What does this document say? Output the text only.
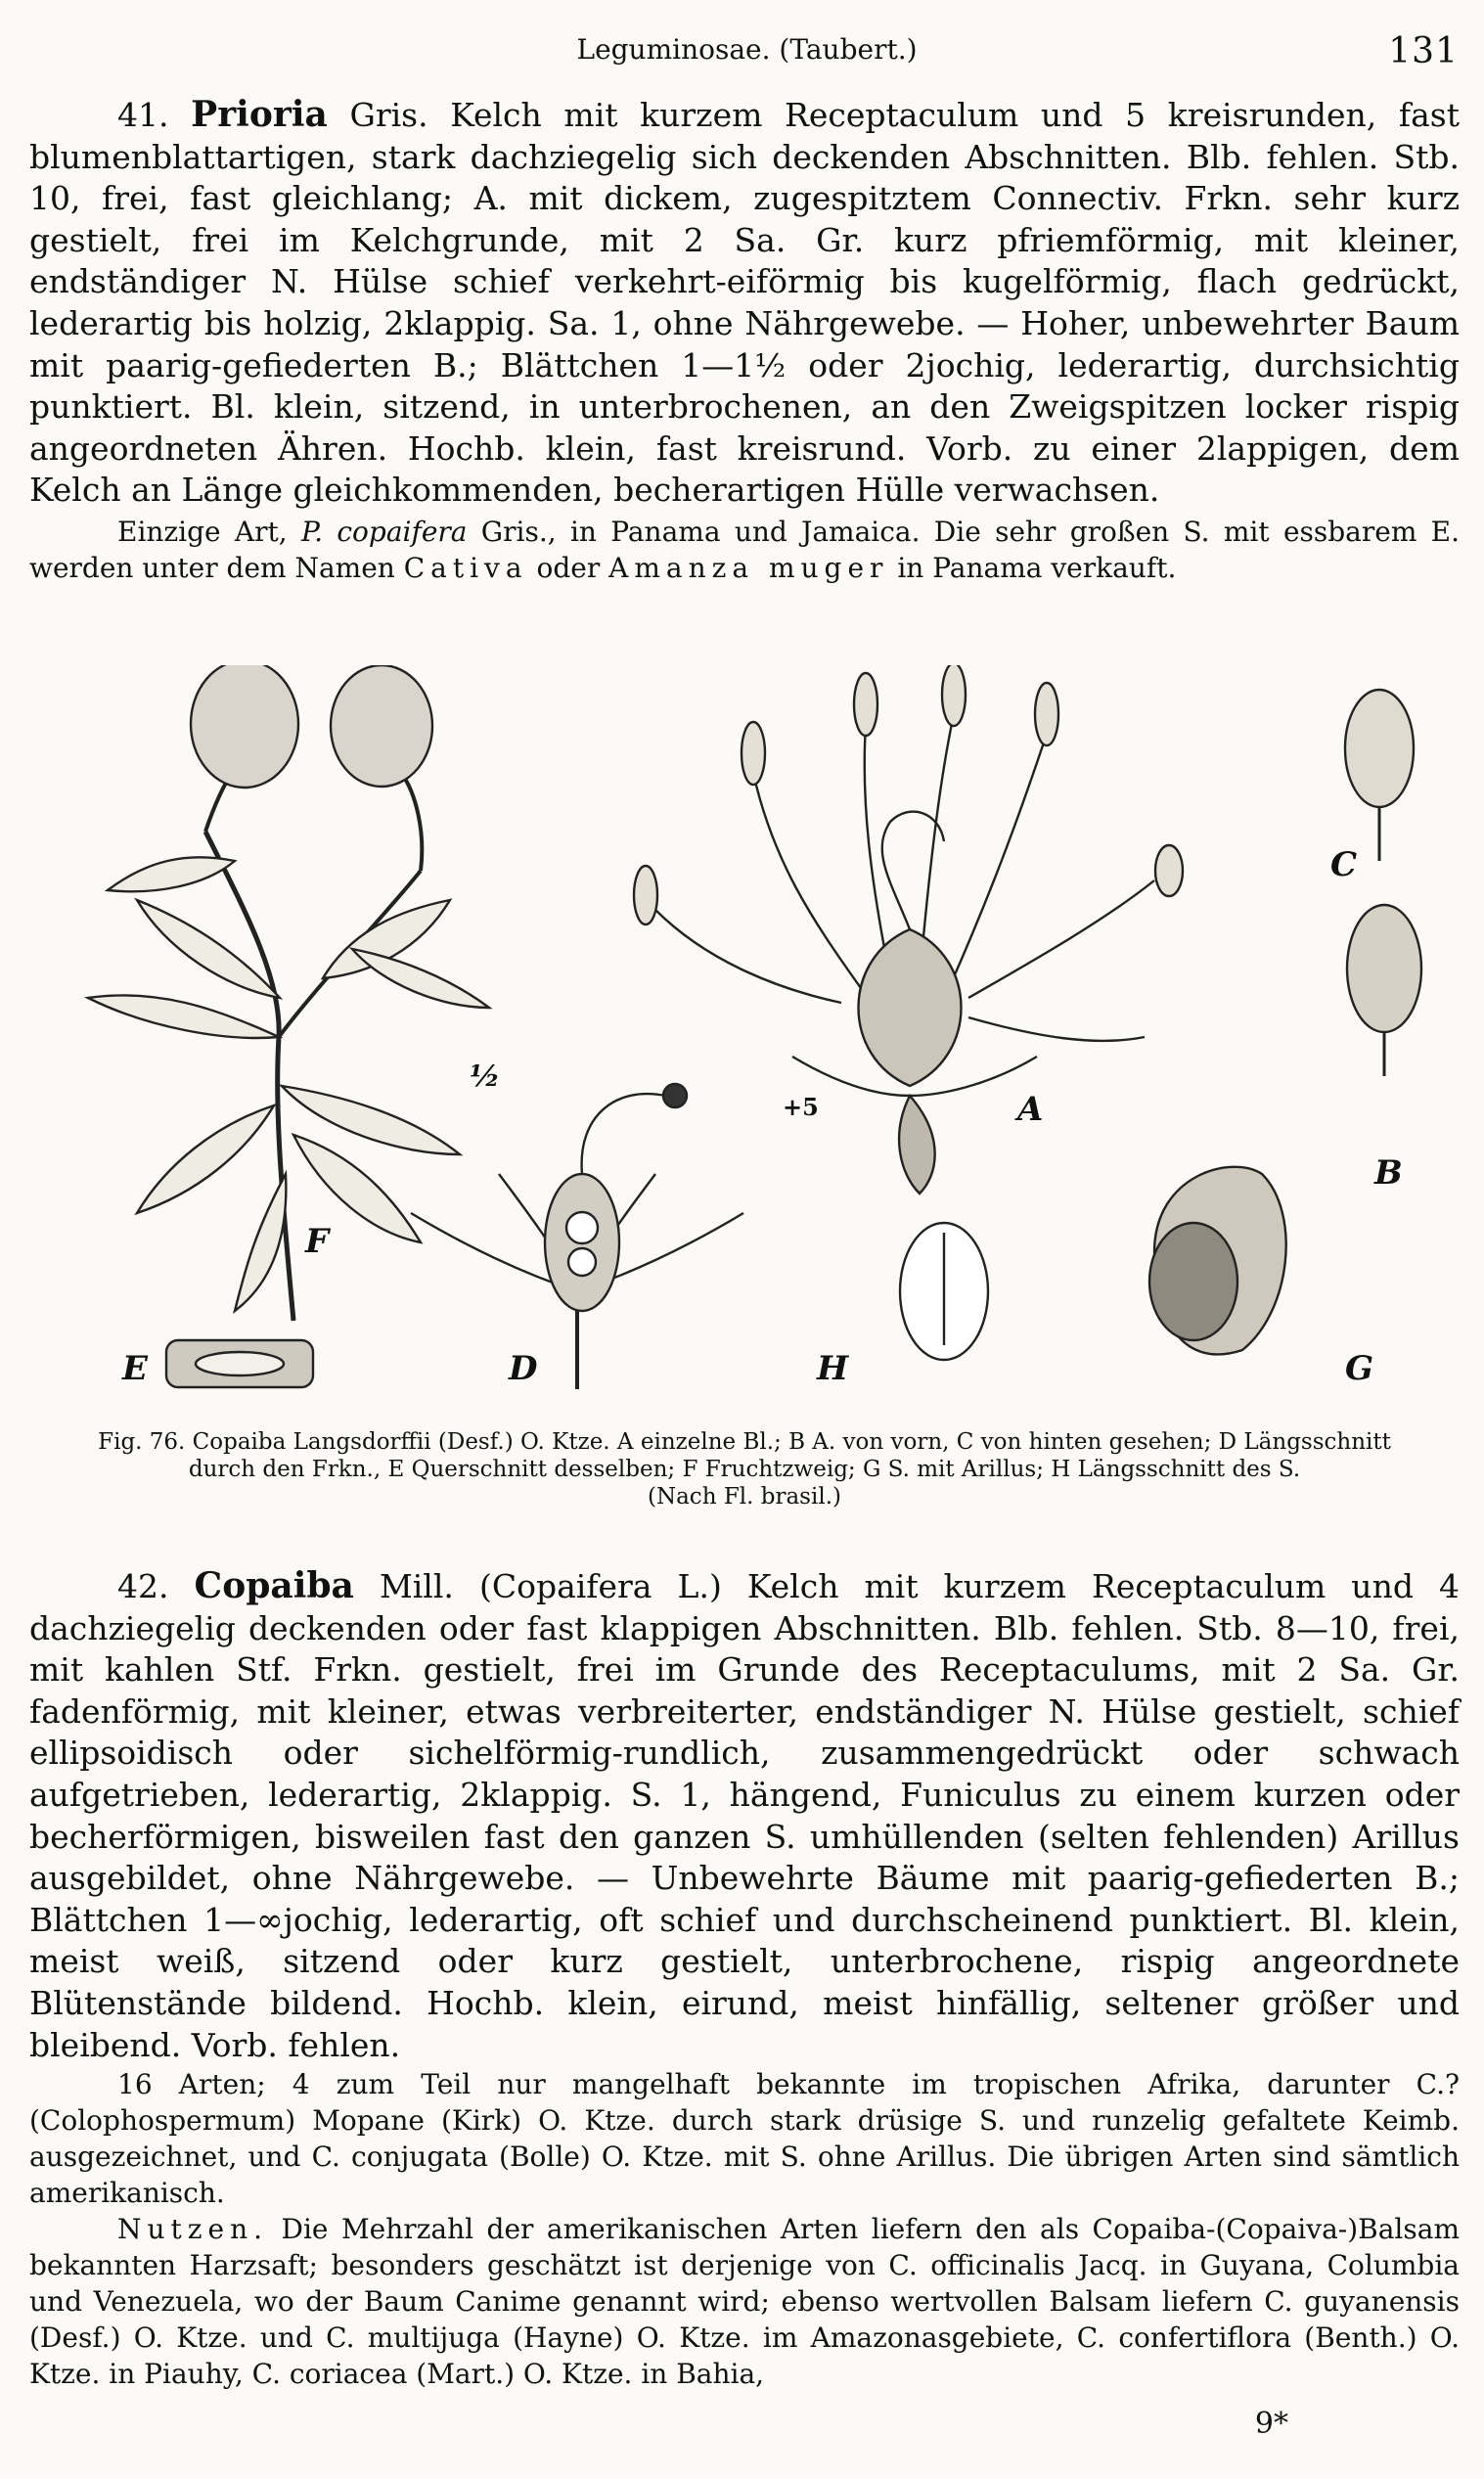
Leguminosae. (Taubert.)	131

41. Prioria Gris. Kelch mit kurzem Receptaculum und 5 kreisrunden, fast blumenblattartigen, stark dachziegelig sich deckenden Abschnitten. Blb. fehlen. Stb. 10, frei, fast gleichlang; A. mit dickem, zugespitztem Connectiv. Frkn. sehr kurz gestielt, frei im Kelchgrunde, mit 2 Sa. Gr. kurz pfriemförmig, mit kleiner, endständiger N. Hülse schief verkehrt-eiförmig bis kugelförmig, flach gedrückt, lederartig bis holzig, 2klappig. Sa. 1, ohne Nährgewebe. — Hoher, unbewehrter Baum mit paarig-gefiederten B.; Blättchen 1—1½ oder 2jochig, lederartig, durchsichtig punktiert. Bl. klein, sitzend, in unterbrochenen, an den Zweigspitzen locker rispig angeordneten Ähren. Hochb. klein, fast kreisrund. Vorb. zu einer 2lappigen, dem Kelch an Länge gleichkommenden, becherartigen Hülle verwachsen.

Einzige Art, P. copaifera Gris., in Panama und Jamaica. Die sehr großen S. mit essbarem E. werden unter dem Namen Cativa oder Amanza muger in Panama verkauft.

A
B
C
D
E
F
G
H
½
+5
Fig. 76. Copaiba Langsdorffii (Desf.) O. Ktze. A einzelne Bl.; B A. von vorn, C von hinten gesehen; D Längsschnitt
durch den Frkn., E Querschnitt desselben; F Fruchtzweig; G S. mit Arillus; H Längsschnitt des S.
(Nach Fl. brasil.)

42. Copaiba Mill. (Copaifera L.) Kelch mit kurzem Receptaculum und 4 dachziegelig deckenden oder fast klappigen Abschnitten. Blb. fehlen. Stb. 8—10, frei, mit kahlen Stf. Frkn. gestielt, frei im Grunde des Receptaculums, mit 2 Sa. Gr. fadenförmig, mit kleiner, etwas verbreiterter, endständiger N. Hülse gestielt, schief ellipsoidisch oder sichelförmig-rundlich, zusammengedrückt oder schwach aufgetrieben, lederartig, 2klappig. S. 1, hängend, Funiculus zu einem kurzen oder becherförmigen, bisweilen fast den ganzen S. umhüllenden (selten fehlenden) Arillus ausgebildet, ohne Nährgewebe. — Unbewehrte Bäume mit paarig-gefiederten B.; Blättchen 1—∞jochig, lederartig, oft schief und durchscheinend punktiert. Bl. klein, meist weiß, sitzend oder kurz gestielt, unterbrochene, rispig angeordnete Blütenstände bildend. Hochb. klein, eirund, meist hinfällig, seltener größer und bleibend. Vorb. fehlen.

16 Arten; 4 zum Teil nur mangelhaft bekannte im tropischen Afrika, darunter C.? (Colophospermum) Mopane (Kirk) O. Ktze. durch stark drüsige S. und runzelig gefaltete Keimb. ausgezeichnet, und C. conjugata (Bolle) O. Ktze. mit S. ohne Arillus. Die übrigen Arten sind sämtlich amerikanisch.

Nutzen. Die Mehrzahl der amerikanischen Arten liefern den als Copaiba-(Copaiva-)Balsam bekannten Harzsaft; besonders geschätzt ist derjenige von C. officinalis Jacq. in Guyana, Columbia und Venezuela, wo der Baum Canime genannt wird; ebenso wertvollen Balsam liefern C. guyanensis (Desf.) O. Ktze. und C. multijuga (Hayne) O. Ktze. im Amazonasgebiete, C. confertiflora (Benth.) O. Ktze. in Piauhy, C. coriacea (Mart.) O. Ktze. in Bahia,

9*
